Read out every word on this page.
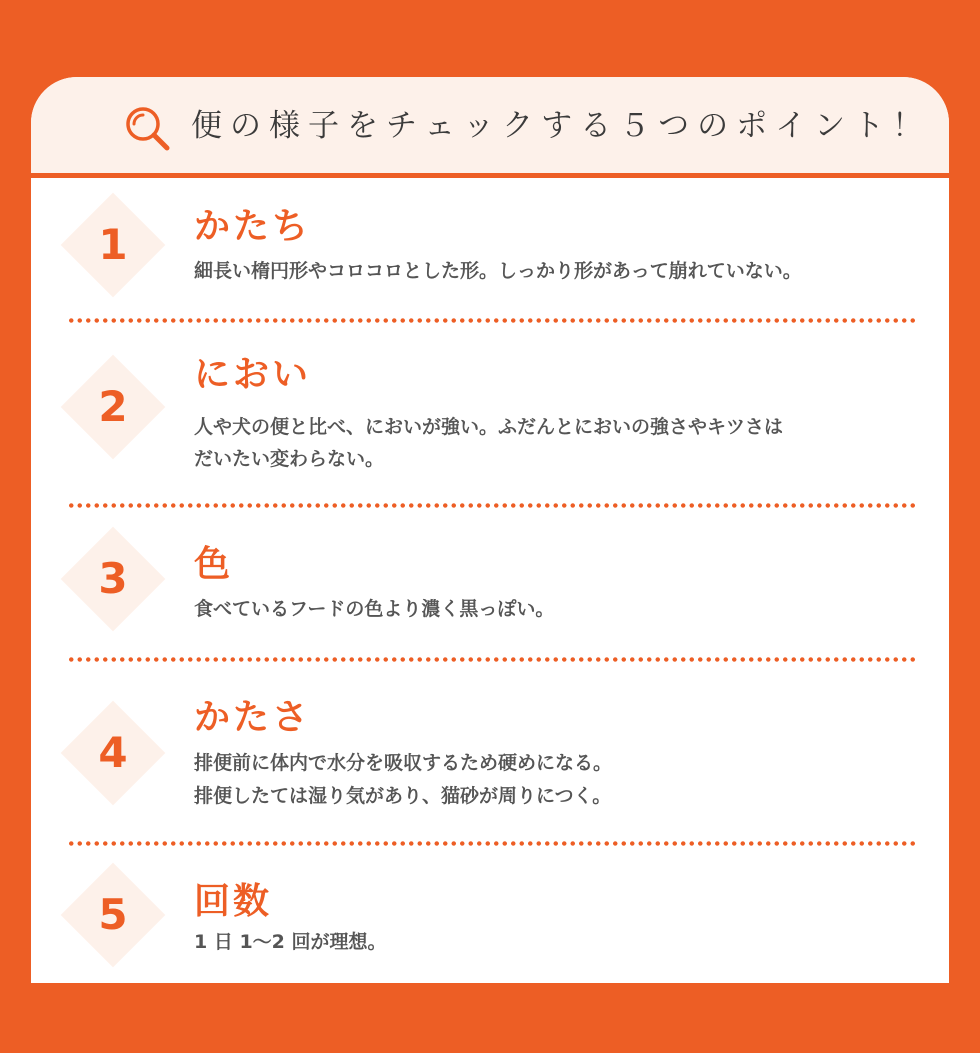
便の様子をチェックする５つのポイント！
1	かたち
細長い楕円形やコロコロとした形。しっかり形があって崩れていない。
2
におい
人や犬の便と比べ、においが強い。ふだんとにおいの強さやキツさは
だいたい変わらない。
3	色
食べているフードの色より濃く黒っぽい。
4
かたさ
排便前に体内で水分を吸収するため硬めになる。
排便したては湿り気があり、猫砂が周りにつく。
5	回数
1 日 1〜2 回が理想。
